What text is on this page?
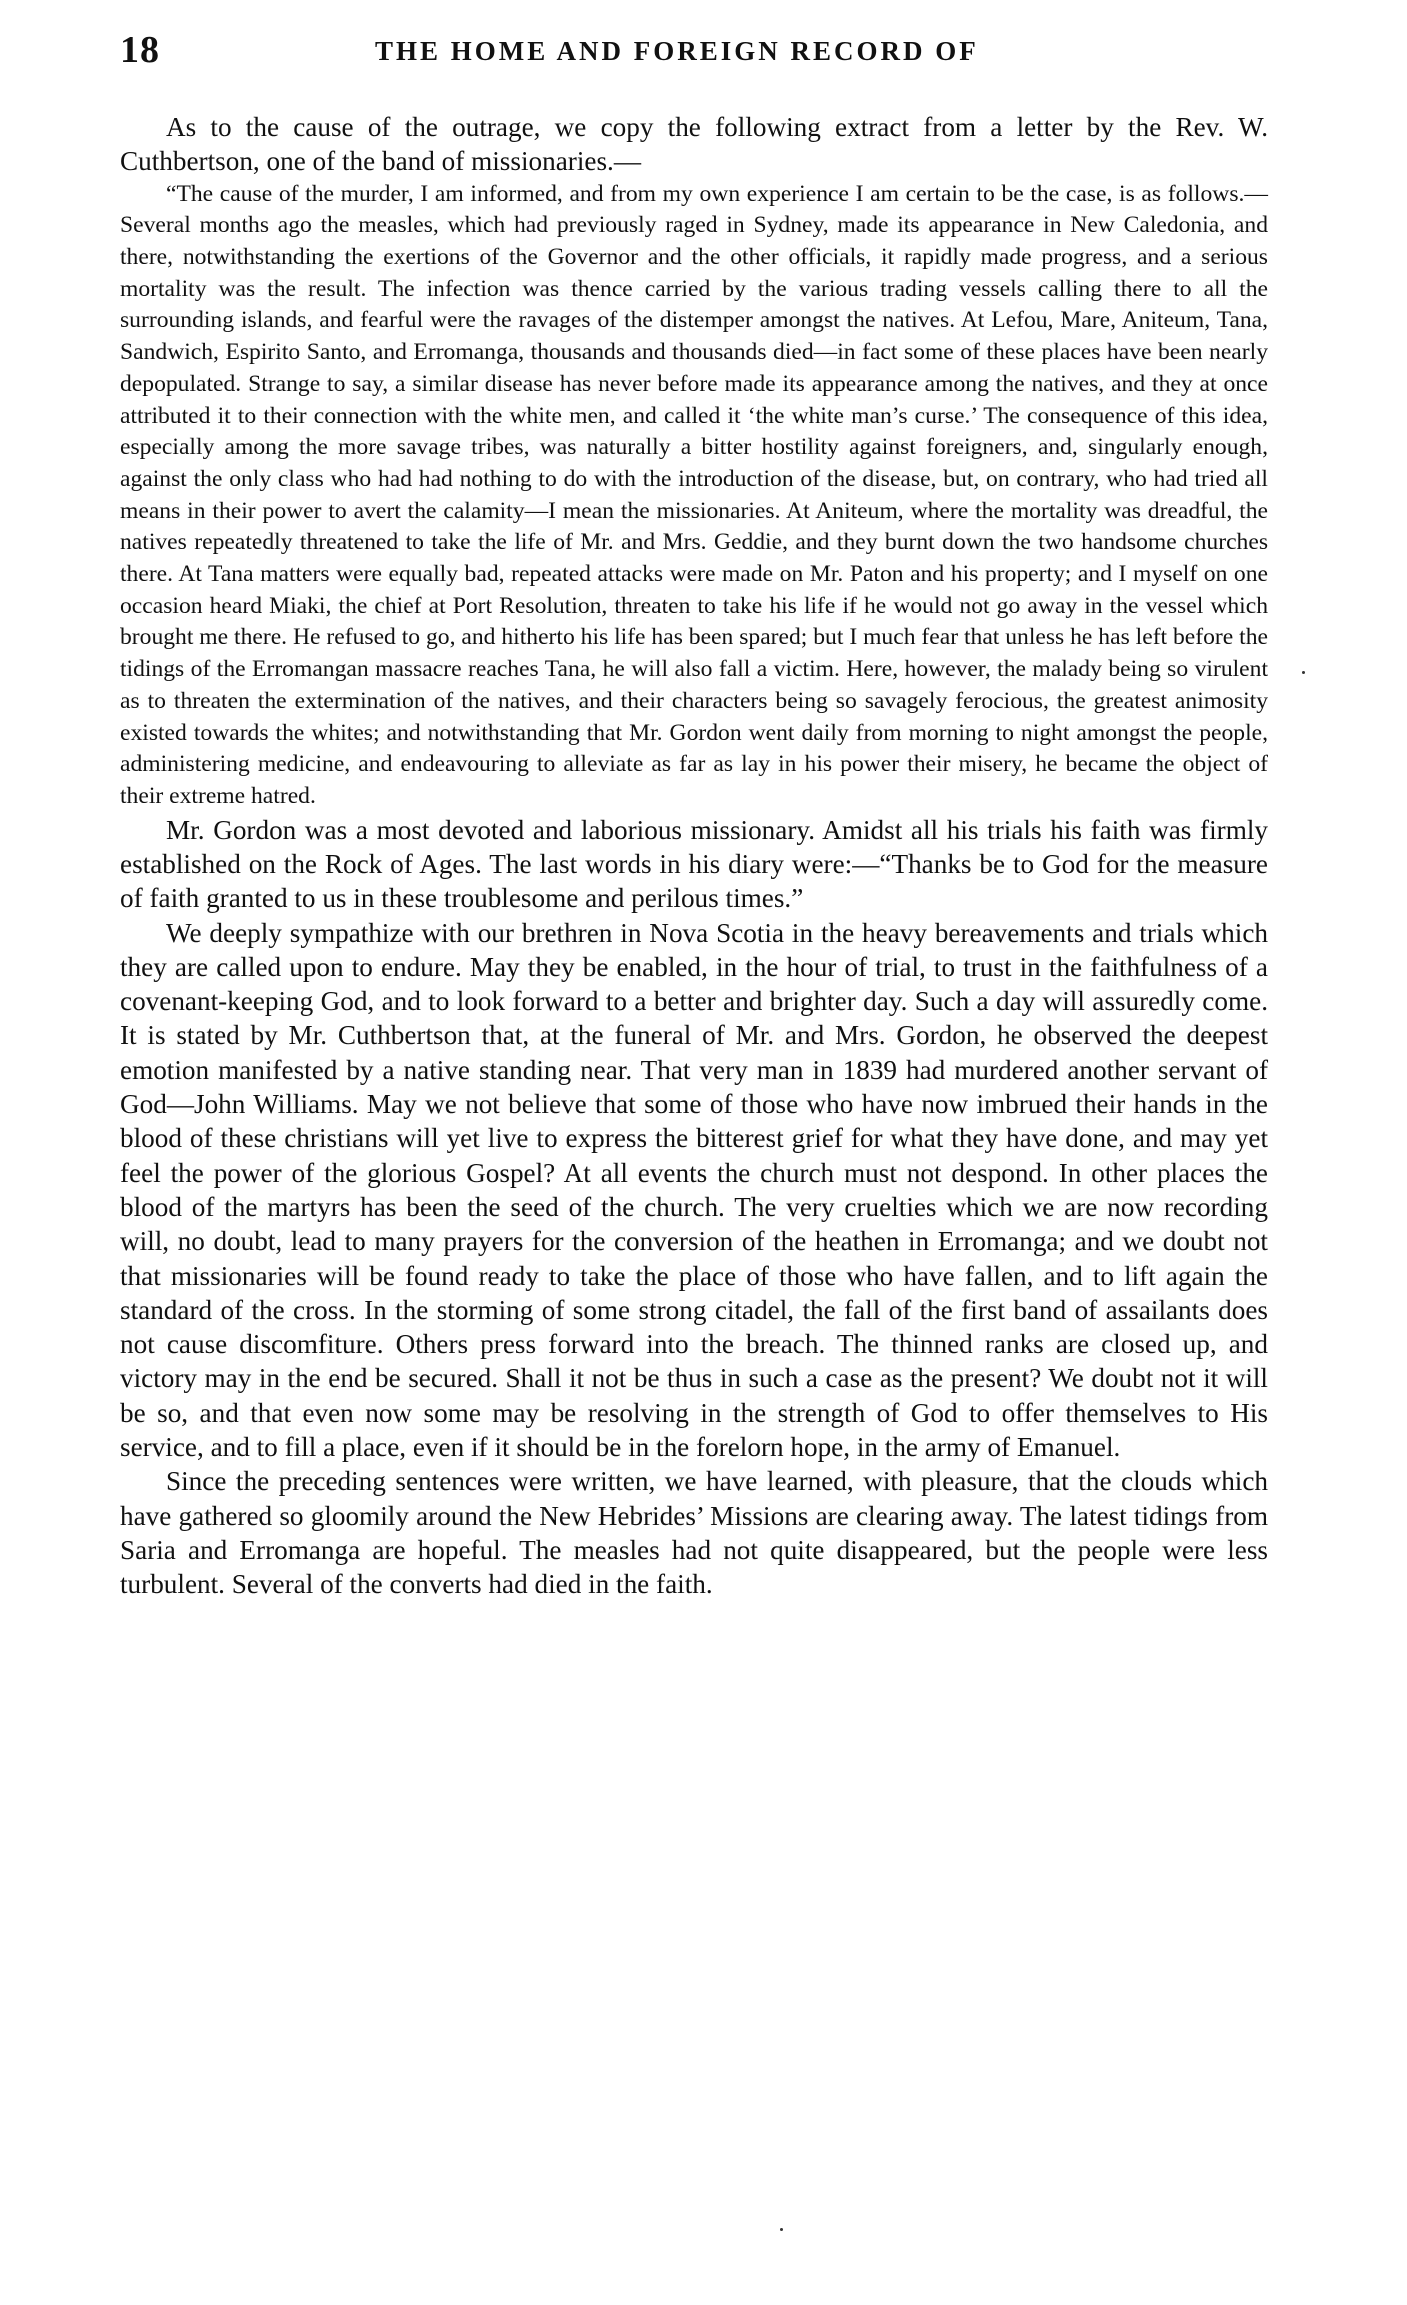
18	THE HOME AND FOREIGN RECORD OF

As to the cause of the outrage, we copy the following extract from a letter by the Rev. W. Cuthbertson, one of the band of missionaries.—

“The cause of the murder, I am informed, and from my own experience I am certain to be the case, is as follows.—Several months ago the measles, which had previously raged in Sydney, made its appearance in New Caledonia, and there, notwithstanding the exertions of the Governor and the other officials, it rapidly made progress, and a serious mortality was the result. The infection was thence carried by the various trading vessels calling there to all the surrounding islands, and fearful were the ravages of the distemper amongst the natives. At Lefou, Mare, Aniteum, Tana, Sandwich, Espirito Santo, and Erromanga, thousands and thousands died—in fact some of these places have been nearly depopulated. Strange to say, a similar disease has never before made its appearance among the natives, and they at once attributed it to their connection with the white men, and called it ‘the white man’s curse.’ The consequence of this idea, especially among the more savage tribes, was naturally a bitter hostility against foreigners, and, singularly enough, against the only class who had had nothing to do with the introduction of the disease, but, on contrary, who had tried all means in their power to avert the calamity—I mean the missionaries. At Aniteum, where the mortality was dreadful, the natives repeatedly threatened to take the life of Mr. and Mrs. Geddie, and they burnt down the two handsome churches there. At Tana matters were equally bad, repeated attacks were made on Mr. Paton and his property; and I myself on one occasion heard Miaki, the chief at Port Resolution, threaten to take his life if he would not go away in the vessel which brought me there. He refused to go, and hitherto his life has been spared; but I much fear that unless he has left before the tidings of the Erromangan massacre reaches Tana, he will also fall a victim. Here, however, the malady being so virulent as to threaten the extermination of the natives, and their characters being so savagely ferocious, the greatest animosity existed towards the whites; and notwithstanding that Mr. Gordon went daily from morning to night amongst the people, administering medicine, and endeavouring to alleviate as far as lay in his power their misery, he became the object of their extreme hatred.

Mr. Gordon was a most devoted and laborious missionary. Amidst all his trials his faith was firmly established on the Rock of Ages. The last words in his diary were:—“Thanks be to God for the measure of faith granted to us in these troublesome and perilous times.”

We deeply sympathize with our brethren in Nova Scotia in the heavy bereavements and trials which they are called upon to endure. May they be enabled, in the hour of trial, to trust in the faithfulness of a covenant-keeping God, and to look forward to a better and brighter day. Such a day will assuredly come. It is stated by Mr. Cuthbertson that, at the funeral of Mr. and Mrs. Gordon, he observed the deepest emotion manifested by a native standing near. That very man in 1839 had murdered another servant of God—John Williams. May we not believe that some of those who have now imbrued their hands in the blood of these christians will yet live to express the bitterest grief for what they have done, and may yet feel the power of the glorious Gospel? At all events the church must not despond. In other places the blood of the martyrs has been the seed of the church. The very cruelties which we are now recording will, no doubt, lead to many prayers for the conversion of the heathen in Erromanga; and we doubt not that missionaries will be found ready to take the place of those who have fallen, and to lift again the standard of the cross. In the storming of some strong citadel, the fall of the first band of assailants does not cause discomfiture. Others press forward into the breach. The thinned ranks are closed up, and victory may in the end be secured. Shall it not be thus in such a case as the present? We doubt not it will be so, and that even now some may be resolving in the strength of God to offer themselves to His service, and to fill a place, even if it should be in the forelorn hope, in the army of Emanuel.

Since the preceding sentences were written, we have learned, with pleasure, that the clouds which have gathered so gloomily around the New Hebrides’ Missions are clearing away. The latest tidings from Saria and Erromanga are hopeful. The measles had not quite disappeared, but the people were less turbulent. Several of the converts had died in the faith.
